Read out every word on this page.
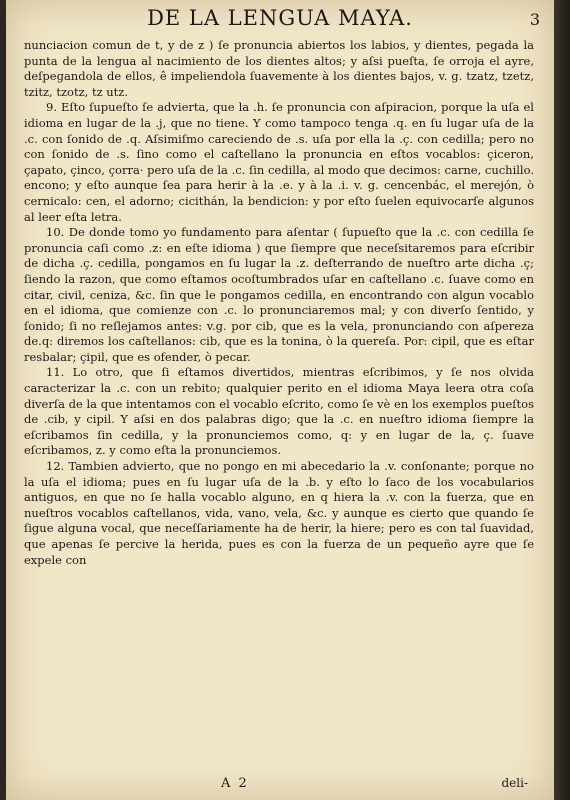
DE LA LENGUA MAYA.	3

nunciacion comun de t, y de z ) ſe pronuncia abiertos los labios, y dientes, pegada la punta de la lengua al nacimiento de los dientes altos; y aſsi pueſta, ſe orroja el ayre, deſpegandola de ellos, ê impeliendola ſuavemente à los dientes bajos, v. g. tzatz, tzetz, tzitz, tzotz, tz utz.

9. Eſto ſupueſto ſe advierta, que la .h. ſe pronuncia con aſpiracion, porque la uſa el idioma en lugar de la .j, que no tiene. Y como tampoco tenga .q. en ſu lugar uſa de la .c. con ſonido de .q. Aſsimiſmo careciendo de .s. uſa por ella la .ç. con cedilla; pero no con ſonido de .s. ſino como el caſtellano la pronuncia en eſtos vocablos: çiceron, çapato, çinco, çorra· pero uſa de la .c. ſin cedilla, al modo que decimos: carne, cuchillo. encono; y eſto aunque ſea para herir à la .e. y à la .i. v. g. cencenbác, el merejón, ò cernicalo: cen, el adorno; cicithán, la bendicion: y por eſto ſuelen equivocarſe algunos al leer eſta letra.

10. De donde tomo yo fundamento para aſentar ( ſupueſto que la .c. con cedilla ſe pronuncia caſi como .z: en eſte idioma ) que ſiempre que neceſsitaremos para eſcribir de dicha .ç. cedilla, pongamos en ſu lugar la .z. deſterrando de nueſtro arte dicha .ç; ſiendo la razon, que como eſtamos ocoſtumbrados uſar en caſtellano .c. ſuave como en citar, civil, ceniza, &c. ſin que le pongamos cedilla, en encontrando con algun vocablo en el idioma, que comienze con .c. lo pronunciaremos mal; y con diverſo ſentido, y ſonido; ſi no reſlejamos antes: v.g. por cib, que es la vela, pronunciando con aſpereza de.q: diremos los caſtellanos: cib, que es la tonina, ò la quereſa. Por: cipil, que es eſtar resbalar; çipil, que es ofender, ò pecar.

11. Lo otro, que ſi eſtamos divertidos, mientras eſcribimos, y ſe nos olvida caracterizar la .c. con un rebito; qualquier perito en el idioma Maya leera otra coſa diverſa de la que intentamos con el vocablo eſcrito, como ſe vè en los exemplos pueſtos de .cib, y cipil. Y aſsi en dos palabras digo; que la .c. en nueſtro idioma ſiempre la eſcribamos ſin cedilla, y la pronunciemos como, q: y en lugar de la, ç. ſuave eſcribamos, z. y como eſta la pronunciemos.

12. Tambien advierto, que no pongo en mi abecedario la .v. conſonante; porque no la uſa el idioma; pues en ſu lugar uſa de la .b. y eſto lo ſaco de los vocabularios antiguos, en que no ſe halla vocablo alguno, en q hiera la .v. con la fuerza, que en nueſtros vocablos caſtellanos, vida, vano, vela, &c. y aunque es cierto que quando ſe ſigue alguna vocal, que neceſſariamente ha de herir, la hiere; pero es con tal ſuavidad, que apenas ſe percive la herida, pues es con la fuerza de un pequeño ayre que ſe expele con

A 2	deli-
